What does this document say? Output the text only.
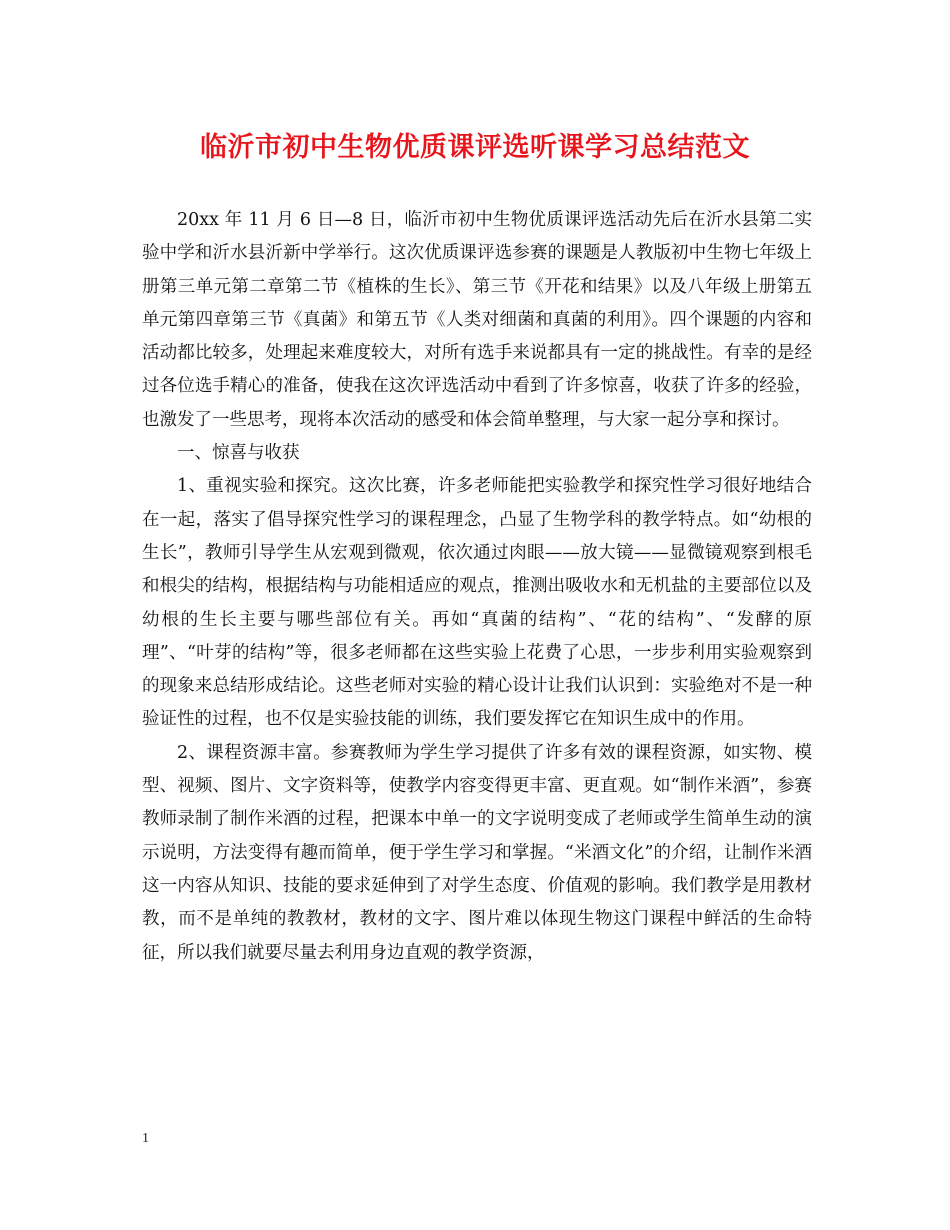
临沂市初中生物优质课评选听课学习总结范文

20xx 年 11 月 6 日—8 日，临沂市初中生物优质课评选活动先后在沂水县第二实验中学和沂水县沂新中学举行。这次优质课评选参赛的课题是人教版初中生物七年级上册第三单元第二章第二节《植株的生长》、第三节《开花和结果》以及八年级上册第五单元第四章第三节《真菌》和第五节《人类对细菌和真菌的利用》。四个课题的内容和活动都比较多，处理起来难度较大，对所有选手来说都具有一定的挑战性。有幸的是经过各位选手精心的准备，使我在这次评选活动中看到了许多惊喜，收获了许多的经验，也激发了一些思考，现将本次活动的感受和体会简单整理，与大家一起分享和探讨。

一、惊喜与收获

1、重视实验和探究。这次比赛，许多老师能把实验教学和探究性学习很好地结合在一起，落实了倡导探究性学习的课程理念，凸显了生物学科的教学特点。如“幼根的生长”，教师引导学生从宏观到微观，依次通过肉眼——放大镜——显微镜观察到根毛和根尖的结构，根据结构与功能相适应的观点，推测出吸收水和无机盐的主要部位以及幼根的生长主要与哪些部位有关。再如“真菌的结构”、“花的结构”、“发酵的原理”、“叶芽的结构”等，很多老师都在这些实验上花费了心思，一步步利用实验观察到的现象来总结形成结论。这些老师对实验的精心设计让我们认识到：实验绝对不是一种验证性的过程，也不仅是实验技能的训练，我们要发挥它在知识生成中的作用。

2、课程资源丰富。参赛教师为学生学习提供了许多有效的课程资源，如实物、模型、视频、图片、文字资料等，使教学内容变得更丰富、更直观。如“制作米酒”，参赛教师录制了制作米酒的过程，把课本中单一的文字说明变成了老师或学生简单生动的演示说明，方法变得有趣而简单，便于学生学习和掌握。“米酒文化”的介绍，让制作米酒这一内容从知识、技能的要求延伸到了对学生态度、价值观的影响。我们教学是用教材教，而不是单纯的教教材，教材的文字、图片难以体现生物这门课程中鲜活的生命特征，所以我们就要尽量去利用身边直观的教学资源，

1
